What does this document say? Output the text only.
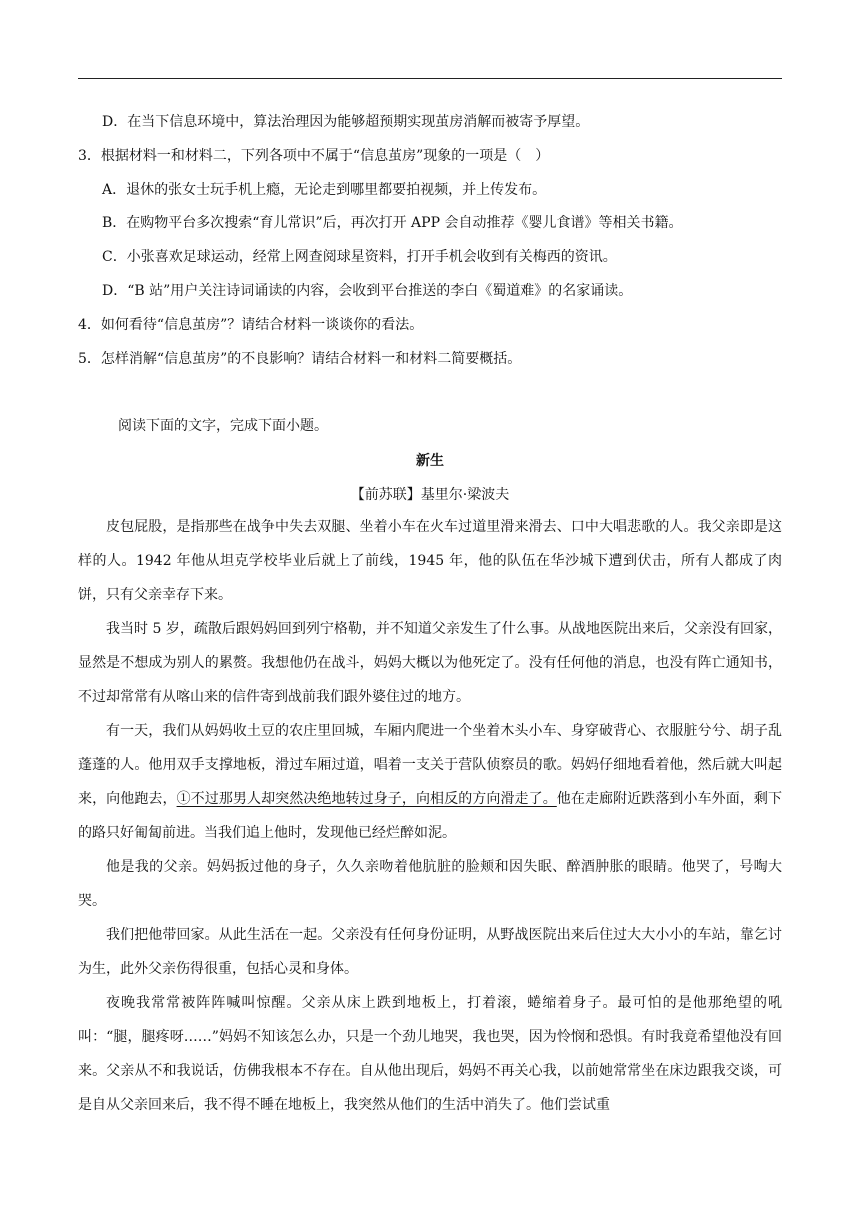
D．在当下信息环境中，算法治理因为能够超预期实现茧房消解而被寄予厚望。
3．根据材料一和材料二，下列各项中不属于“信息茧房”现象的一项是（　）
A．退休的张女士玩手机上瘾，无论走到哪里都要拍视频，并上传发布。
B．在购物平台多次搜索“育儿常识”后，再次打开 APP 会自动推荐《婴儿食谱》等相关书籍。
C．小张喜欢足球运动，经常上网查阅球星资料，打开手机会收到有关梅西的资讯。
D．“B 站”用户关注诗词诵读的内容，会收到平台推送的李白《蜀道难》的名家诵读。
4．如何看待“信息茧房”？请结合材料一谈谈你的看法。
5．怎样消解“信息茧房”的不良影响？请结合材料一和材料二简要概括。
阅读下面的文字，完成下面小题。
新生
【前苏联】基里尔·梁波夫
皮包屁股，是指那些在战争中失去双腿、坐着小车在火车过道里滑来滑去、口中大唱悲歌的人。我父亲即是这样的人。1942 年他从坦克学校毕业后就上了前线，1945 年，他的队伍在华沙城下遭到伏击，所有人都成了肉饼，只有父亲幸存下来。
我当时 5 岁，疏散后跟妈妈回到列宁格勒，并不知道父亲发生了什么事。从战地医院出来后，父亲没有回家，显然是不想成为别人的累赘。我想他仍在战斗，妈妈大概以为他死定了。没有任何他的消息，也没有阵亡通知书，不过却常常有从喀山来的信件寄到战前我们跟外婆住过的地方。
有一天，我们从妈妈收土豆的农庄里回城，车厢内爬进一个坐着木头小车、身穿破背心、衣服脏兮兮、胡子乱蓬蓬的人。他用双手支撑地板，滑过车厢过道，唱着一支关于营队侦察员的歌。妈妈仔细地看着他，然后就大叫起来，向他跑去，①不过那男人却突然决绝地转过身子，向相反的方向滑走了。他在走廊附近跌落到小车外面，剩下的路只好匍匐前进。当我们追上他时，发现他已经烂醉如泥。
他是我的父亲。妈妈扳过他的身子，久久亲吻着他肮脏的脸颊和因失眠、醉酒肿胀的眼睛。他哭了，号啕大哭。
我们把他带回家。从此生活在一起。父亲没有任何身份证明，从野战医院出来后住过大大小小的车站，靠乞讨为生，此外父亲伤得很重，包括心灵和身体。
夜晚我常常被阵阵喊叫惊醒。父亲从床上跌到地板上，打着滚，蜷缩着身子。最可怕的是他那绝望的吼叫：“腿，腿疼呀……”妈妈不知该怎么办，只是一个劲儿地哭，我也哭，因为怜悯和恐惧。有时我竟希望他没有回来。父亲从不和我说话，仿佛我根本不存在。自从他出现后，妈妈不再关心我，以前她常常坐在床边跟我交谈，可是自从父亲回来后，我不得不睡在地板上，我突然从他们的生活中消失了。他们尝试重
